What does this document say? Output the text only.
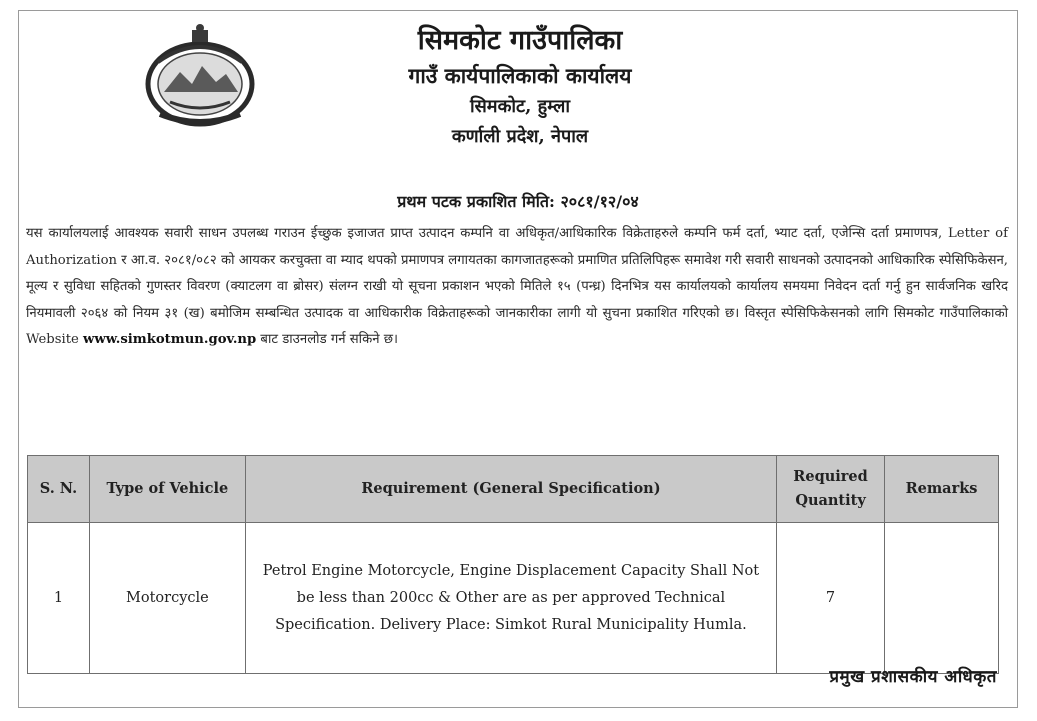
सिमकोट गाउँपालिका
गाउँ कार्यपालिकाको कार्यालय
सिमकोट, हुम्ला
कर्णाली प्रदेश, नेपाल
प्रथम पटक प्रकाशित मिति: २०८१/१२/०४
यस कार्यालयलाई आवश्यक सवारी साधन उपलब्ध गराउन ईच्छुक इजाजत प्राप्त उत्पादन कम्पनि वा अधिकृत/आधिकारिक विक्रेताहरुले कम्पनि फर्म दर्ता, भ्याट दर्ता, एजेन्सि दर्ता प्रमाणपत्र, Letter of Authorization र आ.व. २०८१/०८२ को आयकर करचुक्ता वा म्याद थपको प्रमाणपत्र लगायतका कागजातहरूको प्रमाणित प्रतिलिपिहरू समावेश गरी सवारी साधनको उत्पादनको आधिकारिक स्पेसिफिकेसन, मूल्य र सुविधा सहितको गुणस्तर विवरण (क्याटलग वा ब्रोसर) संलग्न राखी यो सूचना प्रकाशन भएको मितिले १५ (पन्ध्र) दिनभित्र यस कार्यालयको कार्यालय समयमा निवेदन दर्ता गर्नु हुन सार्वजनिक खरिद नियमावली २०६४ को नियम ३१ (ख) बमोजिम सम्बन्धित उत्पादक वा आधिकारीक विक्रेताहरूको जानकारीका लागी यो सुचना प्रकाशित गरिएको छ। विस्तृत स्पेसिफिकेसनको लागि सिमकोट गाउँपालिकाको Website www.simkotmun.gov.np बाट डाउनलोड गर्न सकिने छ।
S. N.	Type of Vehicle	Requirement (General Specification)	Required Quantity	Remarks
1	Motorcycle	Petrol Engine Motorcycle, Engine Displacement Capacity Shall Not be less than 200cc & Other are as per approved Technical Specification. Delivery Place: Simkot Rural Municipality Humla.	7	
प्रमुख प्रशासकीय अधिकृत
